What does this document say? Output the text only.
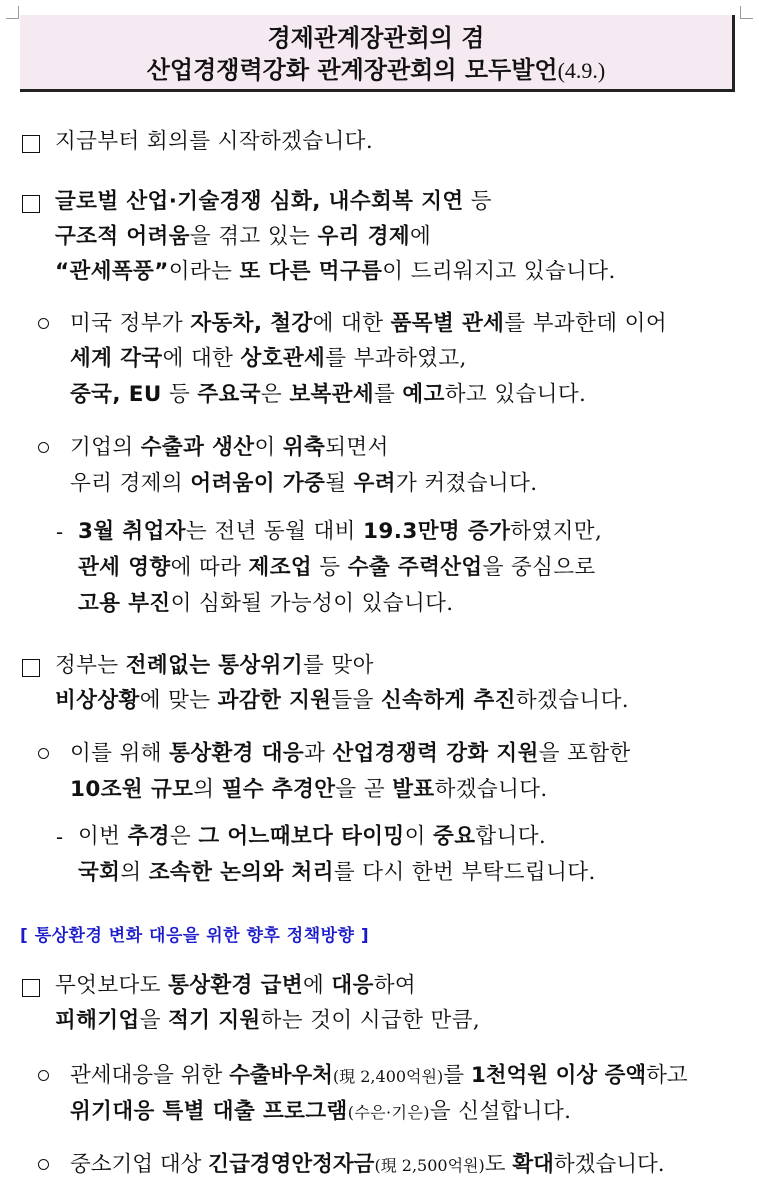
경제관계장관회의 겸
산업경쟁력강화 관계장관회의 모두발언(4.9.)
지금부터 회의를 시작하겠습니다.
글로벌 산업·기술경쟁 심화, 내수회복 지연 등
구조적 어려움을 겪고 있는 우리 경제에
“관세폭풍”이라는 또 다른 먹구름이 드리워지고 있습니다.
미국 정부가 자동차, 철강에 대한 품목별 관세를 부과한데 이어
세계 각국에 대한 상호관세를 부과하였고,
중국, EU 등 주요국은 보복관세를 예고하고 있습니다.
기업의 수출과 생산이 위축되면서
우리 경제의 어려움이 가중될 우려가 커졌습니다.
- 3월 취업자는 전년 동월 대비 19.3만명 증가하였지만,
관세 영향에 따라 제조업 등 수출 주력산업을 중심으로
고용 부진이 심화될 가능성이 있습니다.
정부는 전례없는 통상위기를 맞아
비상상황에 맞는 과감한 지원들을 신속하게 추진하겠습니다.
이를 위해 통상환경 대응과 산업경쟁력 강화 지원을 포함한
10조원 규모의 필수 추경안을 곧 발표하겠습니다.
- 이번 추경은 그 어느때보다 타이밍이 중요합니다.
국회의 조속한 논의와 처리를 다시 한번 부탁드립니다.
[ 통상환경 변화 대응을 위한 향후 정책방향 ]
무엇보다도 통상환경 급변에 대응하여
피해기업을 적기 지원하는 것이 시급한 만큼,
관세대응을 위한 수출바우처(現 2,400억원)를 1천억원 이상 증액하고
위기대응 특별 대출 프로그램(수은·기은)을 신설합니다.
중소기업 대상 긴급경영안정자금(現 2,500억원)도 확대하겠습니다.
